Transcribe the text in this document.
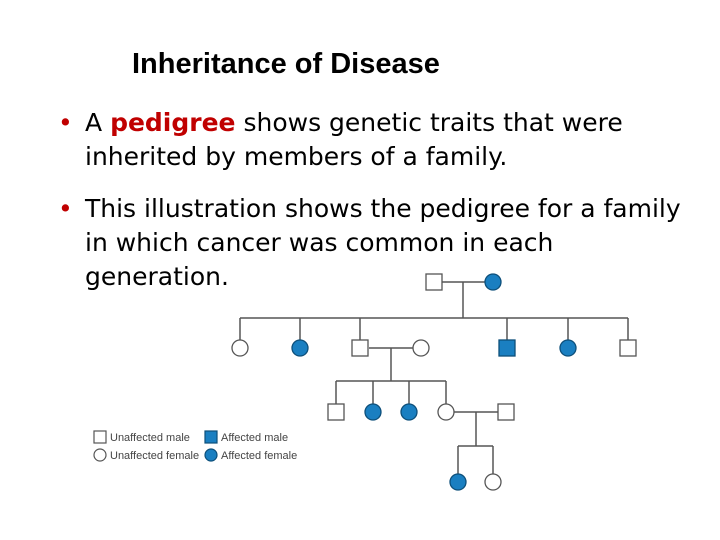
Inheritance of Disease
• A pedigree shows genetic traits that were inherited by members of a family.
• This illustration shows the pedigree for a family in which cancer was common in each generation.
Unaffected male	Affected male
Unaffected female Affected female
